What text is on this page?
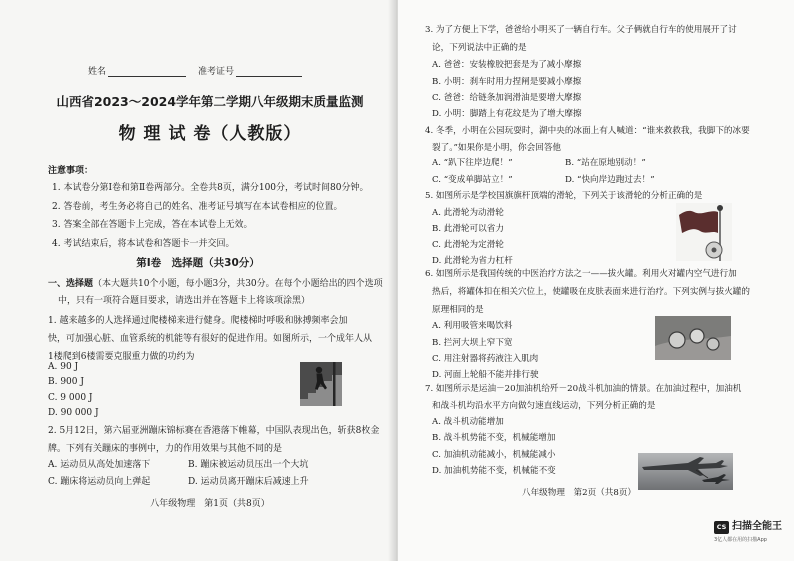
姓名	准考证号
山西省2023～2024学年第二学期八年级期末质量监测
物 理 试 卷（人教版）
注意事项：
1. 本试卷分第Ⅰ卷和第Ⅱ卷两部分。全卷共8页，满分100分，考试时间80分钟。
2. 答卷前，考生务必将自己的姓名、准考证号填写在本试卷相应的位置。
3. 答案全部在答题卡上完成，答在本试卷上无效。
4. 考试结束后，将本试卷和答题卡一并交回。
第Ⅰ卷　选择题（共30分）
一、选择题（本大题共10个小题，每小题3分，共30分。在每个小题给出的四个选项
中，只有一项符合题目要求，请选出并在答题卡上将该项涂黑）
1. 越来越多的人选择通过爬楼梯来进行健身。爬楼梯时呼吸和脉搏频率会加
快，可加强心脏、血管系统的机能等有很好的促进作用。如图所示，一个成年人从
1楼爬到6楼需要克服重力做的功约为
A. 90 J
B. 900 J
C. 9 000 J
D. 90 000 J
2. 5月12日，第六届亚洲蹦床锦标赛在香港落下帷幕，中国队表现出色，斩获8枚金
牌。下列有关蹦床的事例中，力的作用效果与其他不同的是
A. 运动员从高处加速落下	B. 蹦床被运动员压出一个大坑
C. 蹦床将运动员向上弹起	D. 运动员离开蹦床后减速上升
八年级物理　第1页（共8页）
3. 为了方便上下学，爸爸给小明买了一辆自行车。父子俩就自行车的使用展开了讨
论，下列说法中正确的是
A. 爸爸：安装橡胶把套是为了减小摩擦
B. 小明：刹车时用力捏闸是要减小摩擦
C. 爸爸：给链条加润滑油是要增大摩擦
D. 小明：脚踏上有花纹是为了增大摩擦
4. 冬季，小明在公园玩耍时，湖中央的冰面上有人喊道：“谁来救救我，我脚下的冰要
裂了。”如果你是小明，你会回答他
A. “趴下往岸边爬！”	B. “站在原地别动！”
C. “变成单脚站立！”	D. “快向岸边跑过去！”
5. 如图所示是学校国旗旗杆顶端的滑轮，下列关于该滑轮的分析正确的是
A. 此滑轮为动滑轮
B. 此滑轮可以省力
C. 此滑轮为定滑轮
D. 此滑轮为省力杠杆
6. 如图所示是我国传统的中医治疗方法之一——拔火罐。利用火对罐内空气进行加
热后，将罐体扣在相关穴位上，使罐吸在皮肤表面来进行治疗。下列实例与拔火罐的
原理相同的是
A. 利用吸管来喝饮料
B. 拦河大坝上窄下宽
C. 用注射器将药液注入肌肉
D. 河面上轮船不能并排行驶
7. 如图所示是运油－20加油机给歼－20战斗机加油的情景。在加油过程中，加油机
和战斗机均沿水平方向做匀速直线运动，下列分析正确的是
A. 战斗机动能增加
B. 战斗机势能不变，机械能增加
C. 加油机动能减小，机械能减小
D. 加油机势能不变，机械能不变
八年级物理　第2页（共8页）
CS 扫描全能王
3亿人都在用的扫描App
